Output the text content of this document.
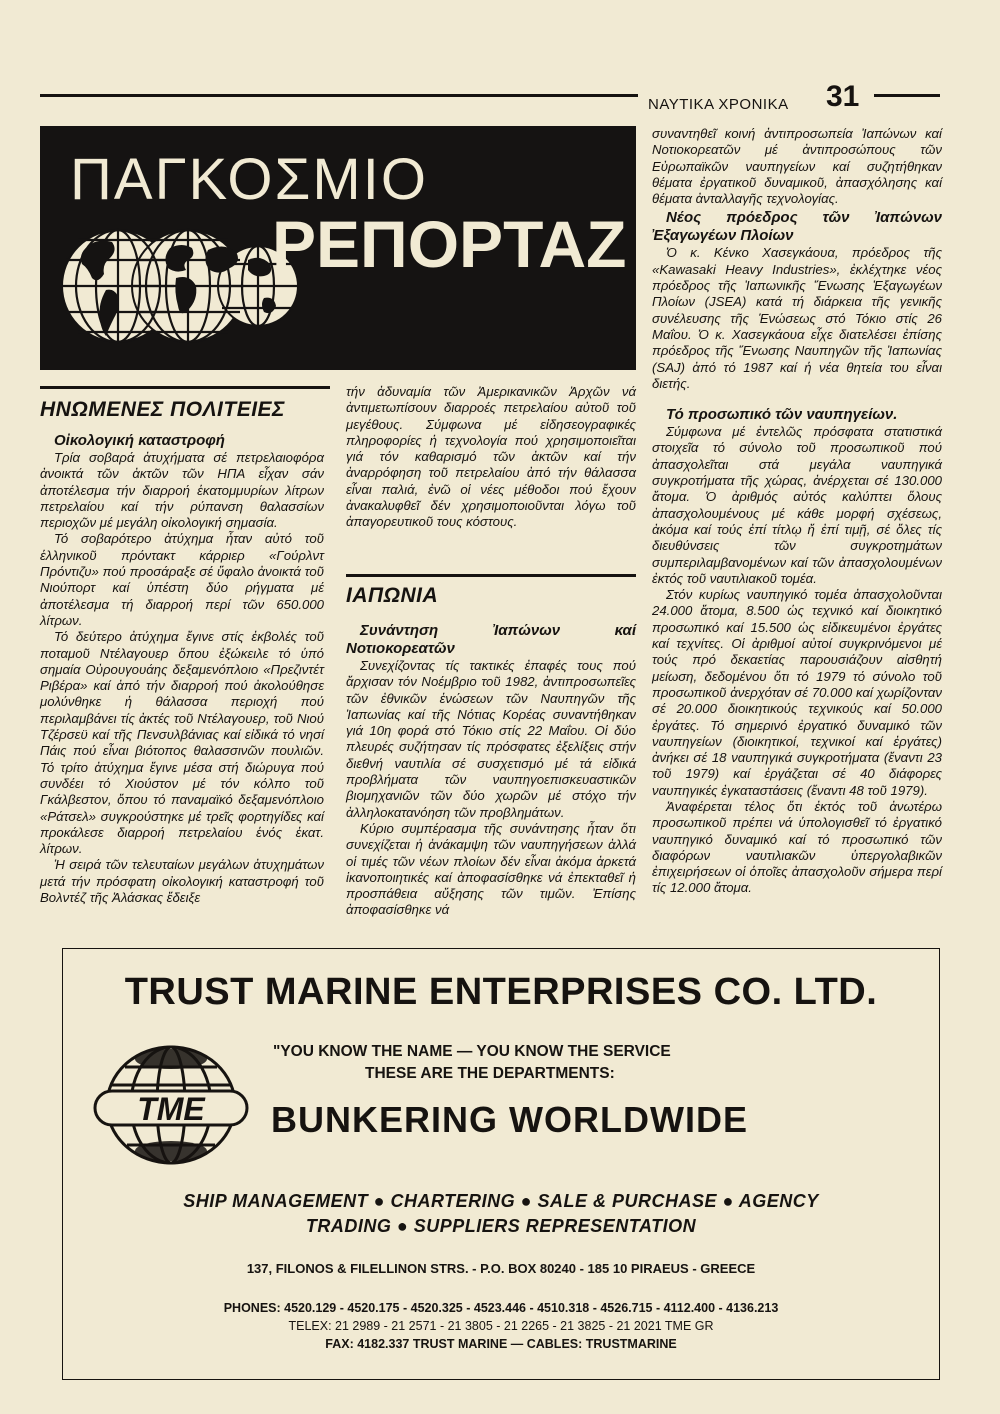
ΝΑΥΤΙΚΑ ΧΡΟΝΙΚΑ 31
ΠΑΓΚΟΣΜΙΟ
ΡΕΠΟΡΤΑΖ
ΗΝΩΜΕΝΕΣ ΠΟΛΙΤΕΙΕΣ

Οἰκολογική καταστροφή

Τρία σοβαρά ἀτυχήματα σέ πετρελαιοφόρα ἀνοικτά τῶν ἀκτῶν τῶν ΗΠΑ εἶχαν σάν ἀποτέλεσμα τήν διαρροή ἑκατομμυρίων λίτρων πετρελαίου καί τήν ρύπανση θαλασσίων περιοχῶν μέ μεγάλη οἰκολογική σημασία.

Τό σοβαρότερο ἀτύχημα ἦταν αὐτό τοῦ ἑλληνικοῦ πρόντακτ κάρριερ «Γούρλντ Πρόντιζυ» πού προσάραξε σέ ὕφαλο ἀνοικτά τοῦ Νιούπορτ καί ὑπέστη δύο ρήγματα μέ ἀποτέλεσμα τή διαρροή περί τῶν 650.000 λίτρων.

Τό δεύτερο ἀτύχημα ἔγινε στίς ἐκβολές τοῦ ποταμοῦ Ντέλαγουερ ὅπου ἐξώκειλε τό ὑπό σημαία Οὐρουγουάης δεξαμενόπλοιο «Πρεζιντέτ Ριβέρα» καί ἀπό τήν διαρροή πού ἀκολούθησε μολύνθηκε ἡ θάλασσα περιοχή πού περιλαμβάνει τίς ἀκτές τοῦ Ντέλαγουερ, τοῦ Νιού Τζέρσεϋ καί τῆς Πενσυλβάνιας καί εἰδικά τό νησί Πάις πού εἶναι βιότοπος θαλασσινῶν πουλιῶν. Τό τρίτο ἀτύχημα ἔγινε μέσα στή διώρυγα πού συνδέει τό Χιούστον μέ τόν κόλπο τοῦ Γκάλβεστον, ὅπου τό παναμαϊκό δεξαμενόπλοιο «Ράτσελ» συγκρούστηκε μέ τρεῖς φορτηγίδες καί προκάλεσε διαρροή πετρελαίου ἑνός ἑκατ. λίτρων.

Ἡ σειρά τῶν τελευταίων μεγάλων ἀτυχημάτων μετά τήν πρόσφατη οἰκολογική καταστροφή τοῦ Βολντέζ τῆς Ἀλάσκας ἔδειξε

τήν ἀδυναμία τῶν Ἀμερικανικῶν Ἀρχῶν νά ἀντιμετωπίσουν διαρροές πετρελαίου αὐτοῦ τοῦ μεγέθους. Σύμφωνα μέ εἰδησεογραφικές πληροφορίες ἡ τεχνολογία πού χρησιμοποιεῖται γιά τόν καθαρισμό τῶν ἀκτῶν καί τήν ἀναρρόφηση τοῦ πετρελαίου ἀπό τήν θάλασσα εἶναι παλιά, ἐνῶ οἱ νέες μέθοδοι πού ἔχουν ἀνακαλυφθεῖ δέν χρησιμοποιοῦνται λόγω τοῦ ἀπαγορευτικοῦ τους κόστους.

ΙΑΠΩΝΙΑ

Συνάντηση Ἰαπώνων καί Νοτιοκορεατῶν

Συνεχίζοντας τίς τακτικές ἐπαφές τους πού ἄρχισαν τόν Νοέμβριο τοῦ 1982, ἀντιπροσωπεῖες τῶν ἐθνικῶν ἑνώσεων τῶν Ναυπηγῶν τῆς Ἰαπωνίας καί τῆς Νότιας Κορέας συναντήθηκαν γιά 10η φορά στό Τόκιο στίς 22 Μαΐου. Οἱ δύο πλευρές συζήτησαν τίς πρόσφατες ἐξελίξεις στήν διεθνή ναυτιλία σέ συσχετισμό μέ τά εἰδικά προβλήματα τῶν ναυπηγοεπισκευαστικῶν βιομηχανιῶν τῶν δύο χωρῶν μέ στόχο τήν ἀλληλοκατανόηση τῶν προβλημάτων.

Κύριο συμπέρασμα τῆς συνάντησης ἦταν ὅτι συνεχίζεται ἡ ἀνάκαμψη τῶν ναυπηγήσεων ἀλλά οἱ τιμές τῶν νέων πλοίων δέν εἶναι ἀκόμα ἀρκετά ἱκανοποιητικές καί ἀποφασίσθηκε νά ἐπεκταθεῖ ἡ προσπάθεια αὔξησης τῶν τιμῶν. Ἐπίσης ἀποφασίσθηκε νά

συναντηθεῖ κοινή ἀντιπροσωπεία Ἰαπώνων καί Νοτιοκορεατῶν μέ ἀντιπροσώπους τῶν Εὐρωπαϊκῶν ναυπηγείων καί συζητήθηκαν θέματα ἐργατικοῦ δυναμικοῦ, ἀπασχόλησης καί θέματα ἀνταλλαγῆς τεχνολογίας.

Νέος πρόεδρος τῶν Ἰαπώνων Ἐξαγωγέων Πλοίων

Ὁ κ. Κένκο Χασεγκάουα, πρόεδρος τῆς «Kawasaki Heavy Industries», ἐκλέχτηκε νέος πρόεδρος τῆς Ἰαπωνικῆς Ἕνωσης Ἐξαγωγέων Πλοίων (JSEA) κατά τή διάρκεια τῆς γενικῆς συνέλευσης τῆς Ἑνώσεως στό Τόκιο στίς 26 Μαΐου. Ὁ κ. Χασεγκάουα εἶχε διατελέσει ἐπίσης πρόεδρος τῆς Ἕνωσης Ναυπηγῶν τῆς Ἰαπωνίας (SAJ) ἀπό τό 1987 καί ἡ νέα θητεία του εἶναι διετής.

Τό προσωπικό τῶν ναυπηγείων.

Σύμφωνα μέ ἐντελῶς πρόσφατα στατιστικά στοιχεῖα τό σύνολο τοῦ προσωπικοῦ πού ἀπασχολεῖται στά μεγάλα ναυπηγικά συγκροτήματα τῆς χώρας, ἀνέρχεται σέ 130.000 ἄτομα. Ὁ ἀριθμός αὐτός καλύπτει ὅλους ἀπασχολουμένους μέ κάθε μορφή σχέσεως, ἀκόμα καί τούς ἐπί τίτλῳ ἤ ἐπί τιμῇ, σέ ὅλες τίς διευθύνσεις τῶν συγκροτημάτων συμπεριλαμβανομένων καί τῶν ἀπασχολουμένων ἐκτός τοῦ ναυτιλιακοῦ τομέα.

Στόν κυρίως ναυπηγικό τομέα ἀπασχολοῦνται 24.000 ἄτομα, 8.500 ὡς τεχνικό καί διοικητικό προσωπικό καί 15.500 ὡς εἰδικευμένοι ἐργάτες καί τεχνίτες. Οἱ ἀριθμοί αὐτοί συγκρινόμενοι μέ τούς πρό δεκαετίας παρουσιάζουν αἰσθητή μείωση, δεδομένου ὅτι τό 1979 τό σύνολο τοῦ προσωπικοῦ ἀνερχόταν σέ 70.000 καί χωρίζονταν σέ 20.000 διοικητικούς τεχνικούς καί 50.000 ἐργάτες. Τό σημερινό ἐργατικό δυναμικό τῶν ναυπηγείων (διοικητικοί, τεχνικοί καί ἐργάτες) ἀνήκει σέ 18 ναυπηγικά συγκροτήματα (ἔναντι 23 τοῦ 1979) καί ἐργάζεται σέ 40 διάφορες ναυπηγικές ἐγκαταστάσεις (ἔναντι 48 τοῦ 1979).

Ἀναφέρεται τέλος ὅτι ἐκτός τοῦ ἀνωτέρω προσωπικοῦ πρέπει νά ὑπολογισθεῖ τό ἐργατικό ναυπηγικό δυναμικό καί τό προσωπικό τῶν διαφόρων ναυτιλιακῶν ὑπεργολαβικῶν ἐπιχειρήσεων οἱ ὁποῖες ἀπασχολοῦν σήμερα περί τίς 12.000 ἄτομα.

TRUST MARINE ENTERPRISES CO. LTD.
SHIPPING & TRADING
TME
"YOU KNOW THE NAME — YOU KNOW THE SERVICE
THESE ARE THE DEPARTMENTS:
BUNKERING WORLDWIDE
SHIP MANAGEMENT ● CHARTERING ● SALE & PURCHASE ● AGENCY
TRADING ● SUPPLIERS REPRESENTATION
137, FILONOS & FILELLINON STRS. - P.O. BOX 80240 - 185 10 PIRAEUS - GREECE
PHONES: 4520.129 - 4520.175 - 4520.325 - 4523.446 - 4510.318 - 4526.715 - 4112.400 - 4136.213
TELEX: 21 2989 - 21 2571 - 21 3805 - 21 2265 - 21 3825 - 21 2021 TME GR
FAX: 4182.337 TRUST MARINE — CABLES: TRUSTMARINE
